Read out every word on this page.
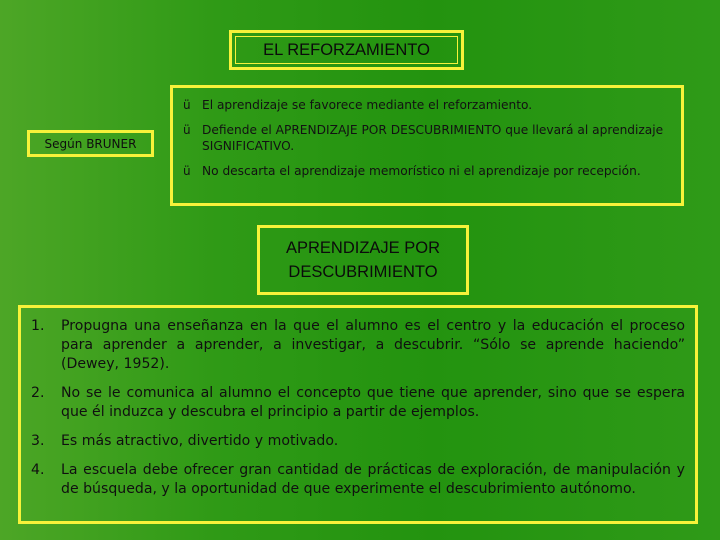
EL REFORZAMIENTO
Según BRUNER
ü El aprendizaje se favorece mediante el reforzamiento.
ü Defiende el APRENDIZAJE POR DESCUBRIMIENTO que llevará al aprendizaje SIGNIFICATIVO.
ü No descarta el aprendizaje memorístico ni el aprendizaje por recepción.
APRENDIZAJE POR
DESCUBRIMIENTO
1. Propugna una enseñanza en la que el alumno es el centro y la educación el proceso para aprender a aprender, a investigar, a descubrir. “Sólo se aprende haciendo” (Dewey, 1952).
2. No se le comunica al alumno el concepto que tiene que aprender, sino que se espera que él induzca y descubra el principio a partir de ejemplos.
3. Es más atractivo, divertido y motivado.
4. La escuela debe ofrecer gran cantidad de prácticas de exploración, de manipulación y de búsqueda, y la oportunidad de que experimente el descubrimiento autónomo.
